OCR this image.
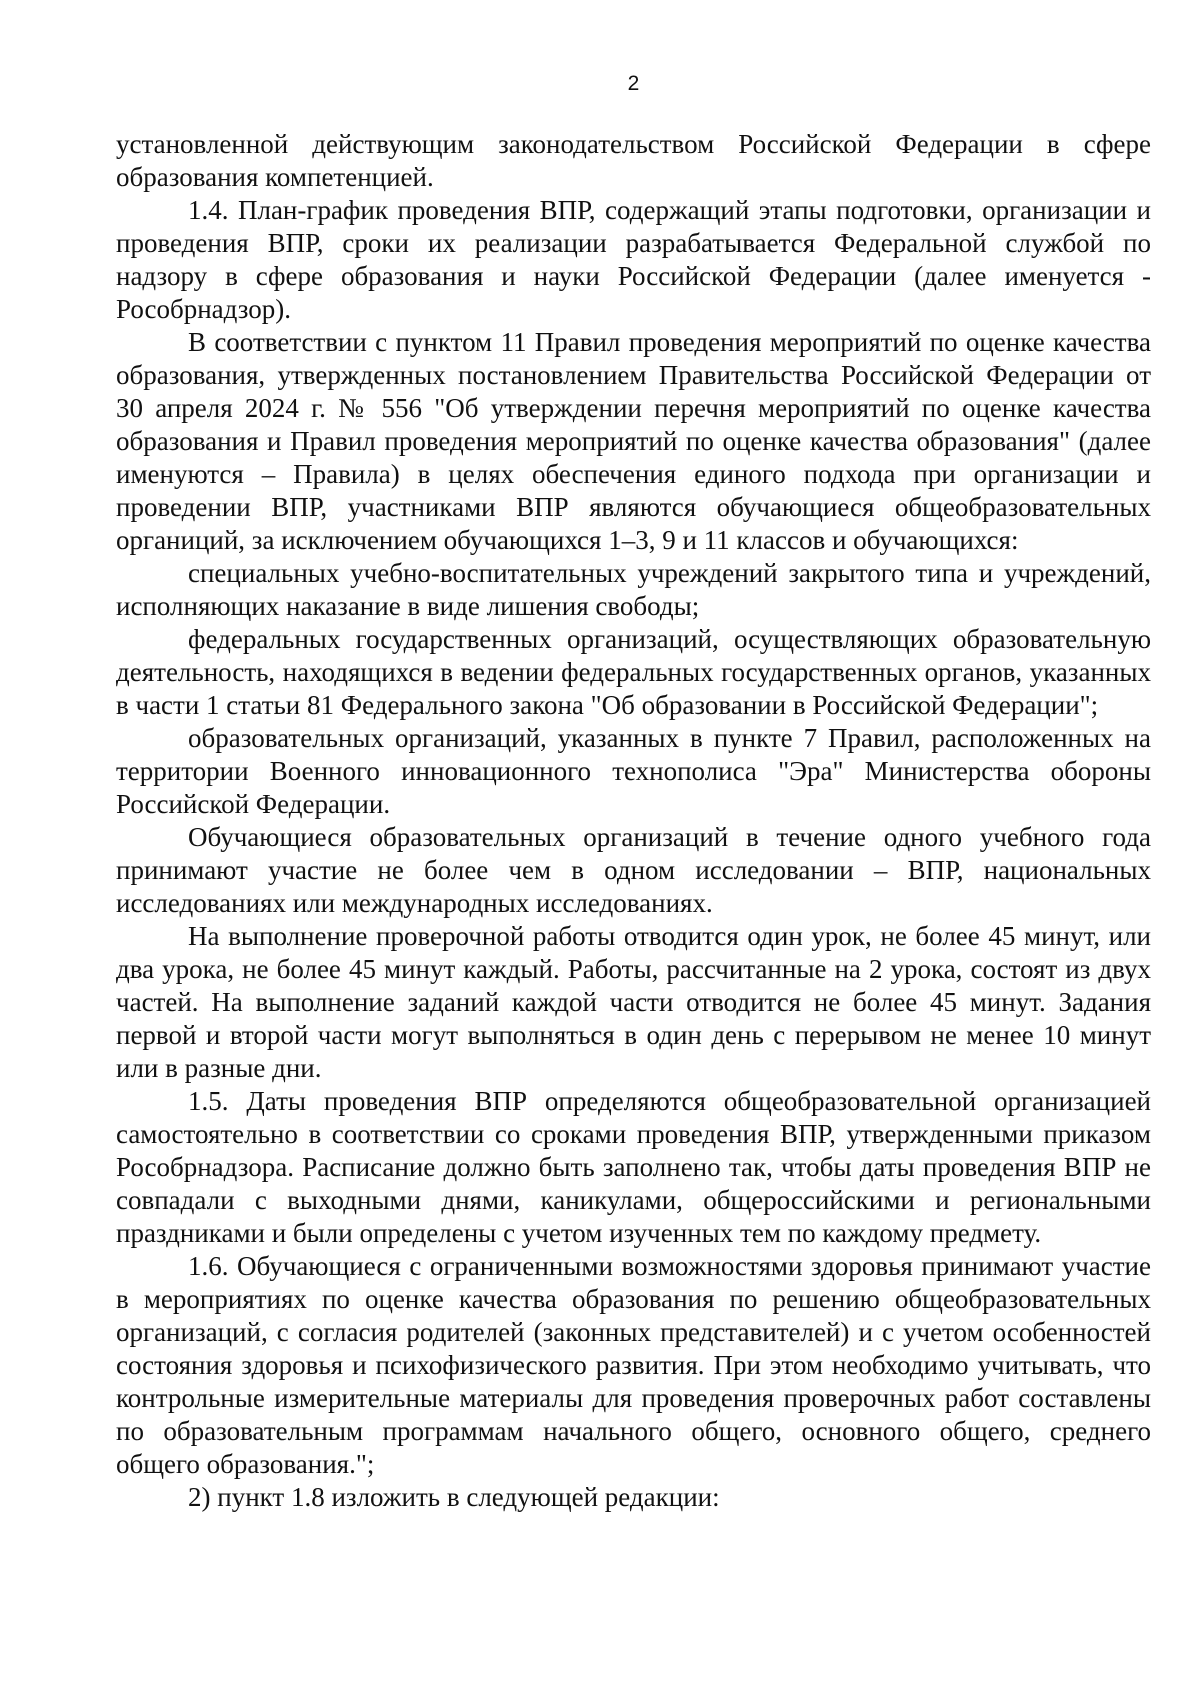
2

установленной действующим законодательством Российской Федерации в сфере образования компетенцией.

1.4. План-график проведения ВПР, содержащий этапы подготовки, организации и проведения ВПР, сроки их реализации разрабатывается Федеральной службой по надзору в сфере образования и науки Российской Федерации (далее именуется - Рособрнадзор).

В соответствии с пунктом 11 Правил проведения мероприятий по оценке качества образования, утвержденных постановлением Правительства Российской Федерации от 30 апреля 2024 г. № 556 "Об утверждении перечня мероприятий по оценке качества образования и Правил проведения мероприятий по оценке качества образования" (далее именуются – Правила) в целях обеспечения единого подхода при организации и проведении ВПР, участниками ВПР являются обучающиеся общеобразовательных органиций, за исключением обучающихся 1–3, 9 и 11 классов и обучающихся:

специальных учебно-воспитательных учреждений закрытого типа и учреждений, исполняющих наказание в виде лишения свободы;

федеральных государственных организаций, осуществляющих образовательную деятельность, находящихся в ведении федеральных государственных органов, указанных в части 1 статьи 81 Федерального закона "Об образовании в Российской Федерации";

образовательных организаций, указанных в пункте 7 Правил, расположенных на территории Военного инновационного технополиса "Эра" Министерства обороны Российской Федерации.

Обучающиеся образовательных организаций в течение одного учебного года принимают участие не более чем в одном исследовании – ВПР, национальных исследованиях или международных исследованиях.

На выполнение проверочной работы отводится один урок, не более 45 минут, или два урока, не более 45 минут каждый. Работы, рассчитанные на 2 урока, состоят из двух частей. На выполнение заданий каждой части отводится не более 45 минут. Задания первой и второй части могут выполняться в один день с перерывом не менее 10 минут или в разные дни.

1.5. Даты проведения ВПР определяются общеобразовательной организацией самостоятельно в соответствии со сроками проведения ВПР, утвержденными приказом Рособрнадзора. Расписание должно быть заполнено так, чтобы даты проведения ВПР не совпадали с выходными днями, каникулами, общероссийскими и региональными праздниками и были определены с учетом изученных тем по каждому предмету.

1.6. Обучающиеся с ограниченными возможностями здоровья принимают участие в мероприятиях по оценке качества образования по решению общеобразовательных организаций, с согласия родителей (законных представителей) и с учетом особенностей состояния здоровья и психофизического развития. При этом необходимо учитывать, что контрольные измерительные материалы для проведения проверочных работ составлены по образовательным программам начального общего, основного общего, среднего общего образования.";

2) пункт 1.8 изложить в следующей редакции:
